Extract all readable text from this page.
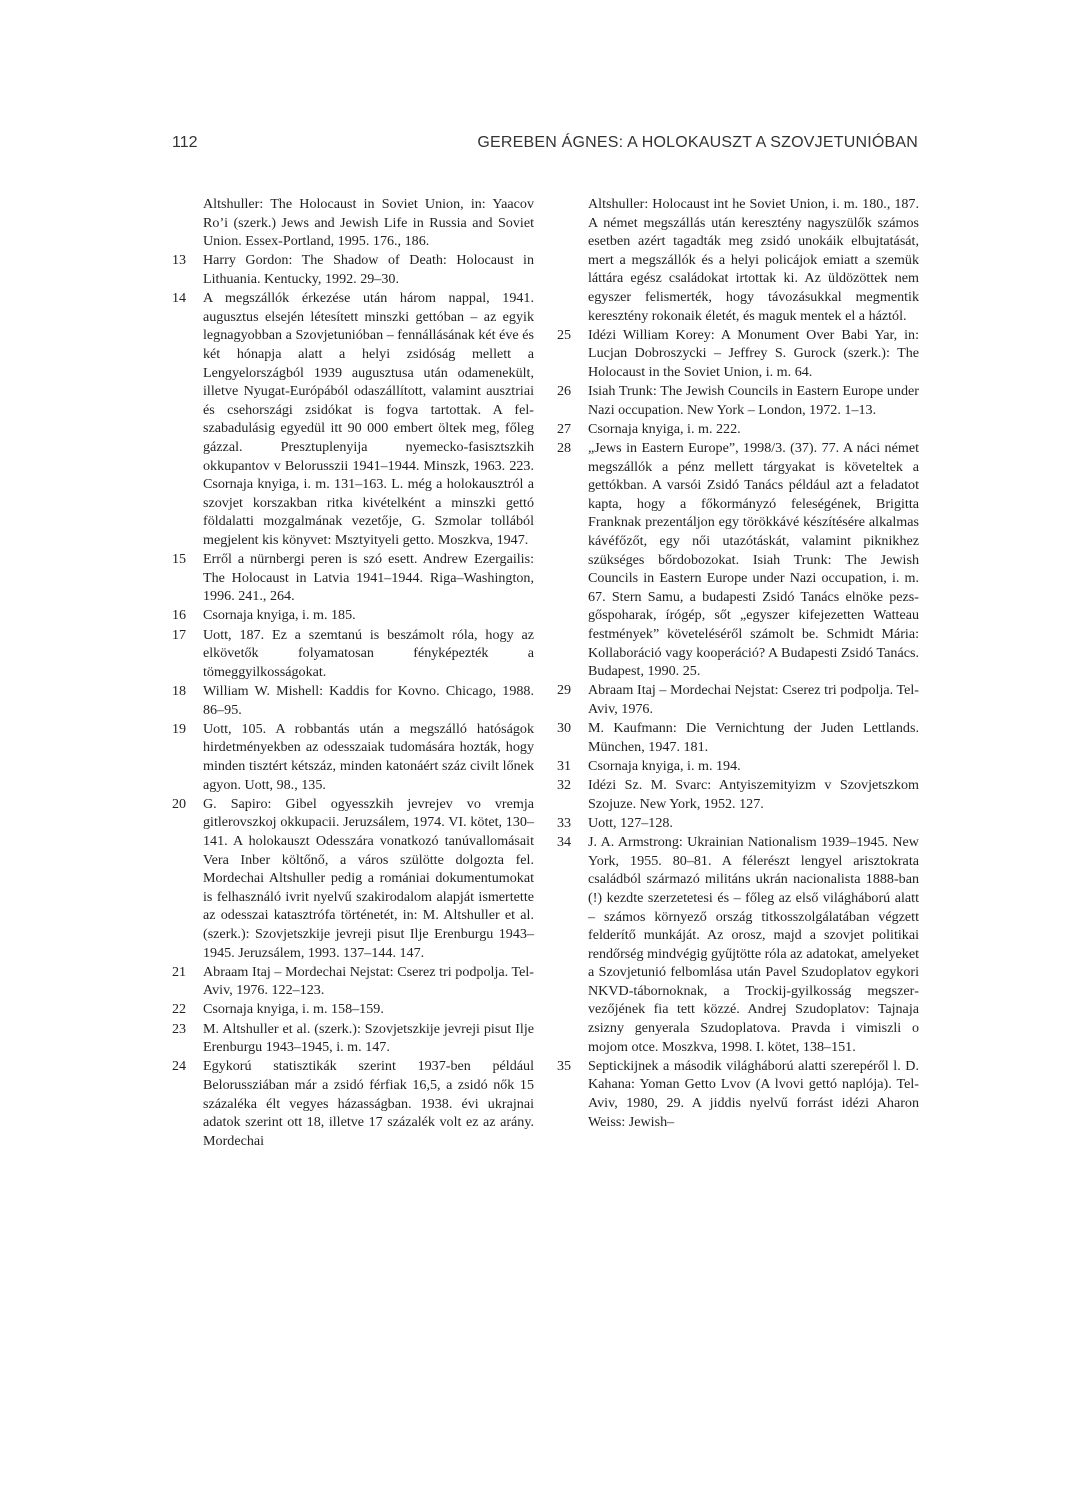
112	GEREBEN ÁGNES: A HOLOKAUSZT A SZOVJETUNIÓBAN
Altshuller: The Holocaust in Soviet Union, in: Yaacov Ro’i (szerk.) Jews and Jewish Life in Russia and Soviet Union. Essex-Portland, 1995. 176., 186.
13 Harry Gordon: The Shadow of Death: Holocaust in Lithuania. Kentucky, 1992. 29–30.
14 A megszállók érkezése után három nappal, 1941. augusztus elsején létesített minszki gettóban – az egyik legnagyobban a Szovjetunióban – fennállásának két éve és két hónapja alatt a helyi zsidóság mellett a Lengyelországból 1939 augusztusa után odamenekült, illetve Nyugat-Európából odaszállított, valamint ausztriai és csehországi zsidókat is fogva tartottak. A felszabadulásig egyedül itt 90 000 embert öltek meg, főleg gázzal. Presztuplenyija nyemecko-fasisztszkih okkupantov v Belorusszii 1941–1944. Minszk, 1963. 223. Csornaja knyiga, i. m. 131–163. L. még a holokausztról a szovjet korszakban ritka kivételként a minszki gettó földalatti mozgalmának vezetője, G. Szmolar tollából megjelent kis könyvet: Msztyityeli getto. Moszkva, 1947.
15 Erről a nürnbergi peren is szó esett. Andrew Ezergailis: The Holocaust in Latvia 1941–1944. Riga–Washington, 1996. 241., 264.
16 Csornaja knyiga, i. m. 185.
17 Uott, 187. Ez a szemtanú is beszámolt róla, hogy az elkövetők folyamatosan fényképezték a tömeggyilkosságokat.
18 William W. Mishell: Kaddis for Kovno. Chicago, 1988. 86–95.
19 Uott, 105. A robbantás után a megszálló hatóságok hirdetményekben az odesszaiak tudomására hozták, hogy minden tisztért kétszáz, minden katonáért száz civilt lőnek agyon. Uott, 98., 135.
20 G. Sapiro: Gibel ogyesszkih jevrejev vo vremja gitlerovszkoj okkupacii. Jeruzsálem, 1974. VI. kötet, 130–141. A holokauszt Odesszára vonatkozó tanúvallomásait Vera Inber költőnő, a város szülötte dolgozta fel. Mordechai Altshuller pedig a romániai dokumentumokat is felhasználó ivrit nyelvű szakirodalom alapját ismertette az odesszai katasztrófa történetét, in: M. Altshuller et al. (szerk.): Szovjetszkije jevreji pisut Ilje Erenburgu 1943–1945. Jeruzsálem, 1993. 137–144. 147.
21 Abraam Itaj – Mordechai Nejstat: Cserez tri podpolja. Tel-Aviv, 1976. 122–123.
22 Csornaja knyiga, i. m. 158–159.
23 M. Altshuller et al. (szerk.): Szovjetszkije jevreji pisut Ilje Erenburgu 1943–1945, i. m. 147.
24 Egykorú statisztikák szerint 1937-ben például Belorussziában már a zsidó férfiak 16,5, a zsidó nők 15 százaléka élt vegyes házasságban. 1938. évi ukrajnai adatok szerint ott 18, illetve 17 százalék volt ez az arány. Mordechai
Altshuller: Holocaust int he Soviet Union, i. m. 180., 187. A német megszállás után keresztény nagyszülők számos esetben azért tagadták meg zsidó unokáik elbujtatását, mert a megszállók és a helyi policájok emiatt a szemük láttára egész családokat irtottak ki. Az üldözöttek nem egyszer felismerték, hogy távozásukkal megmentik keresztény rokonaik életét, és maguk mentek el a háztól.
25 Idézi William Korey: A Monument Over Babi Yar, in: Lucjan Dobroszycki – Jeffrey S. Gurock (szerk.): The Holocaust in the Soviet Union, i. m. 64.
26 Isiah Trunk: The Jewish Councils in Eastern Europe under Nazi occupation. New York – London, 1972. 1–13.
27 Csornaja knyiga, i. m. 222.
28 „Jews in Eastern Europe”, 1998/3. (37). 77. A náci német megszállók a pénz mellett tárgyakat is követeltek a gettókban. A varsói Zsidó Tanács például azt a feladatot kapta, hogy a főkormányzó feleségének, Brigitta Franknak prezentáljon egy törökkávé készítésére alkalmas kávéfőzőt, egy női utazótáskát, valamint piknikhez szükséges bőrdobozokat. Isiah Trunk: The Jewish Councils in Eastern Europe under Nazi occupation, i. m. 67. Stern Samu, a budapesti Zsidó Tanács elnöke pezsgőspoharak, írógép, sőt „egyszer kifejezetten Watteau festmények” követeléséről számolt be. Schmidt Mária: Kollaboráció vagy kooperáció? A Budapesti Zsidó Tanács. Budapest, 1990. 25.
29 Abraam Itaj – Mordechai Nejstat: Cserez tri podpolja. Tel-Aviv, 1976.
30 M. Kaufmann: Die Vernichtung der Juden Lettlands. München, 1947. 181.
31 Csornaja knyiga, i. m. 194.
32 Idézi Sz. M. Svarc: Antyiszemityizm v Szovjetszkom Szojuze. New York, 1952. 127.
33 Uott, 127–128.
34 J. A. Armstrong: Ukrainian Nationalism 1939–1945. New York, 1955. 80–81. A félerészt lengyel arisztokrata családból származó militáns ukrán nacionalista 1888-ban (!) kezdte szerzetetesi és – főleg az első világháború alatt – számos környező ország titkosszolgálatában végzett felderítő munkáját. Az orosz, majd a szovjet politikai rendőrség mindvégig gyűjtötte róla az adatokat, amelyeket a Szovjetunió felbomlása után Pavel Szudoplatov egykori NKVD-tábornoknak, a Trockij-gyilkosság megszervezőjének fia tett közzé. Andrej Szudoplatov: Tajnaja zsizny genyerala Szudoplatova. Pravda i vimiszli o mojom otce. Moszkva, 1998. I. kötet, 138–151.
35 Septickijnek a második világháború alatti szerepéről l. D. Kahana: Yoman Getto Lvov (A lvovi gettó naplója). Tel-Aviv, 1980, 29. A jiddis nyelvű forrást idézi Aharon Weiss: Jewish–
